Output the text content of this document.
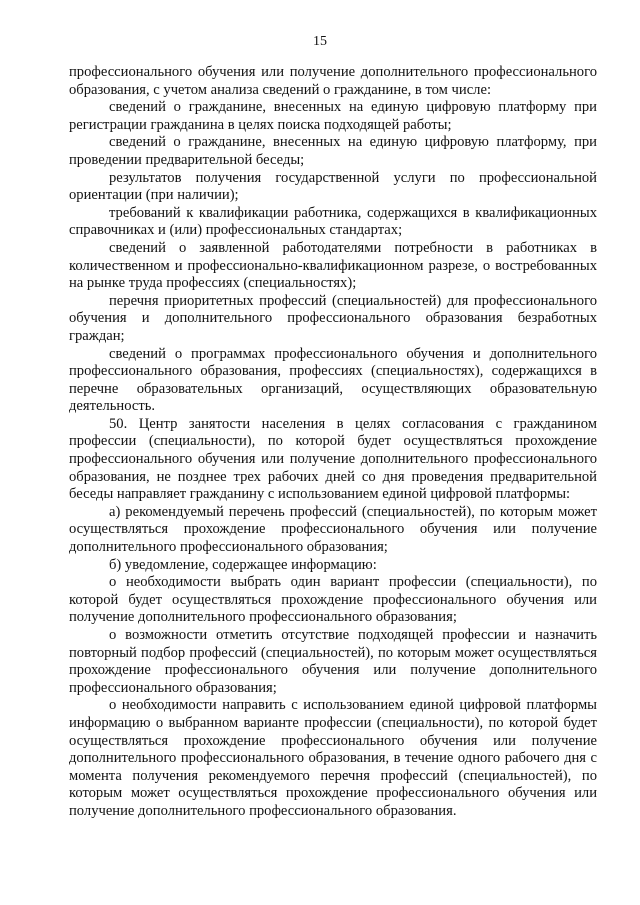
15

профессионального обучения или получение дополнительного профессионального образования, с учетом анализа сведений о гражданине, в том числе:

сведений о гражданине, внесенных на единую цифровую платформу при регистрации гражданина в целях поиска подходящей работы;

сведений о гражданине, внесенных на единую цифровую платформу, при проведении предварительной беседы;

результатов получения государственной услуги по профессиональной ориентации (при наличии);

требований к квалификации работника, содержащихся в квалификационных справочниках и (или) профессиональных стандартах;

сведений о заявленной работодателями потребности в работниках в количественном и профессионально-квалификационном разрезе, о востребованных на рынке труда профессиях (специальностях);

перечня приоритетных профессий (специальностей) для профессионального обучения и дополнительного профессионального образования безработных граждан;

сведений о программах профессионального обучения и дополнительного профессионального образования, профессиях (специальностях), содержащихся в перечне образовательных организаций, осуществляющих образовательную деятельность.

50. Центр занятости населения в целях согласования с гражданином профессии (специальности), по которой будет осуществляться прохождение профессионального обучения или получение дополнительного профессионального образования, не позднее трех рабочих дней со дня проведения предварительной беседы направляет гражданину с использованием единой цифровой платформы:

а) рекомендуемый перечень профессий (специальностей), по которым может осуществляться прохождение профессионального обучения или получение дополнительного профессионального образования;

б) уведомление, содержащее информацию:

о необходимости выбрать один вариант профессии (специальности), по которой будет осуществляться прохождение профессионального обучения или получение дополнительного профессионального образования;

о возможности отметить отсутствие подходящей профессии и назначить повторный подбор профессий (специальностей), по которым может осуществляться прохождение профессионального обучения или получение дополнительного профессионального образования;

о необходимости направить с использованием единой цифровой платформы информацию о выбранном варианте профессии (специальности), по которой будет осуществляться прохождение профессионального обучения или получение дополнительного профессионального образования, в течение одного рабочего дня с момента получения рекомендуемого перечня профессий (специальностей), по которым может осуществляться прохождение профессионального обучения или получение дополнительного профессионального образования.
